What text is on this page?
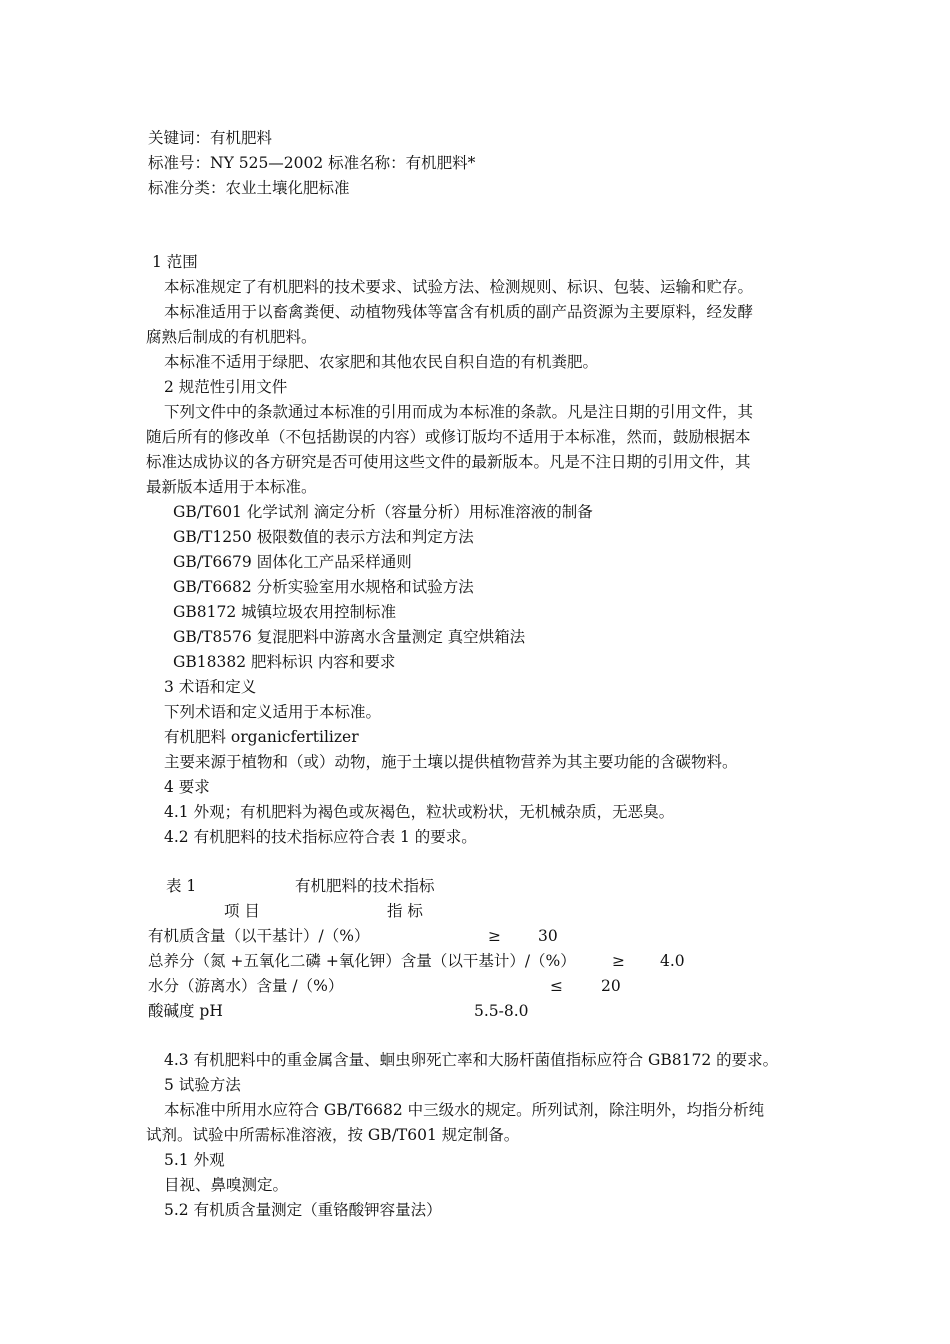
关键词：有机肥料
标准号：NY 525—2002 标准名称：有机肥料*
标准分类：农业土壤化肥标准
1 范围
本标准规定了有机肥料的技术要求、试验方法、检测规则、标识、包装、运输和贮存。
本标准适用于以畜禽粪便、动植物残体等富含有机质的副产品资源为主要原料，经发酵
腐熟后制成的有机肥料。
本标准不适用于绿肥、农家肥和其他农民自积自造的有机粪肥。
2 规范性引用文件
下列文件中的条款通过本标准的引用而成为本标准的条款。凡是注日期的引用文件，其
随后所有的修改单（不包括勘误的内容）或修订版均不适用于本标准，然而，鼓励根据本
标准达成协议的各方研究是否可使用这些文件的最新版本。凡是不注日期的引用文件，其
最新版本适用于本标准。
GB/T601 化学试剂 滴定分析（容量分析）用标准溶液的制备
GB/T1250 极限数值的表示方法和判定方法
GB/T6679 固体化工产品采样通则
GB/T6682 分析实验室用水规格和试验方法
GB8172 城镇垃圾农用控制标准
GB/T8576 复混肥料中游离水含量测定 真空烘箱法
GB18382 肥料标识 内容和要求
3 术语和定义
下列术语和定义适用于本标准。
有机肥料 organicfertilizer
主要来源于植物和（或）动物，施于土壤以提供植物营养为其主要功能的含碳物料。
4 要求
4.1 外观；有机肥料为褐色或灰褐色，粒状或粉状，无机械杂质，无恶臭。
4.2 有机肥料的技术指标应符合表 1 的要求。
表 1	有机肥料的技术指标
项 目	指 标
有机质含量（以干基计）/（%）	≥ 30
总养分（氮 +五氧化二磷 +氧化钾）含量（以干基计）/（%） ≥ 4.0
水分（游离水）含量 /（%）	≤ 20
酸碱度 pH	5.5-8.0
4.3 有机肥料中的重金属含量、蛔虫卵死亡率和大肠杆菌值指标应符合 GB8172 的要求。
5 试验方法
本标准中所用水应符合 GB/T6682 中三级水的规定。所列试剂，除注明外，均指分析纯
试剂。试验中所需标准溶液，按 GB/T601 规定制备。
5.1 外观
目视、鼻嗅测定。
5.2 有机质含量测定（重铬酸钾容量法）
